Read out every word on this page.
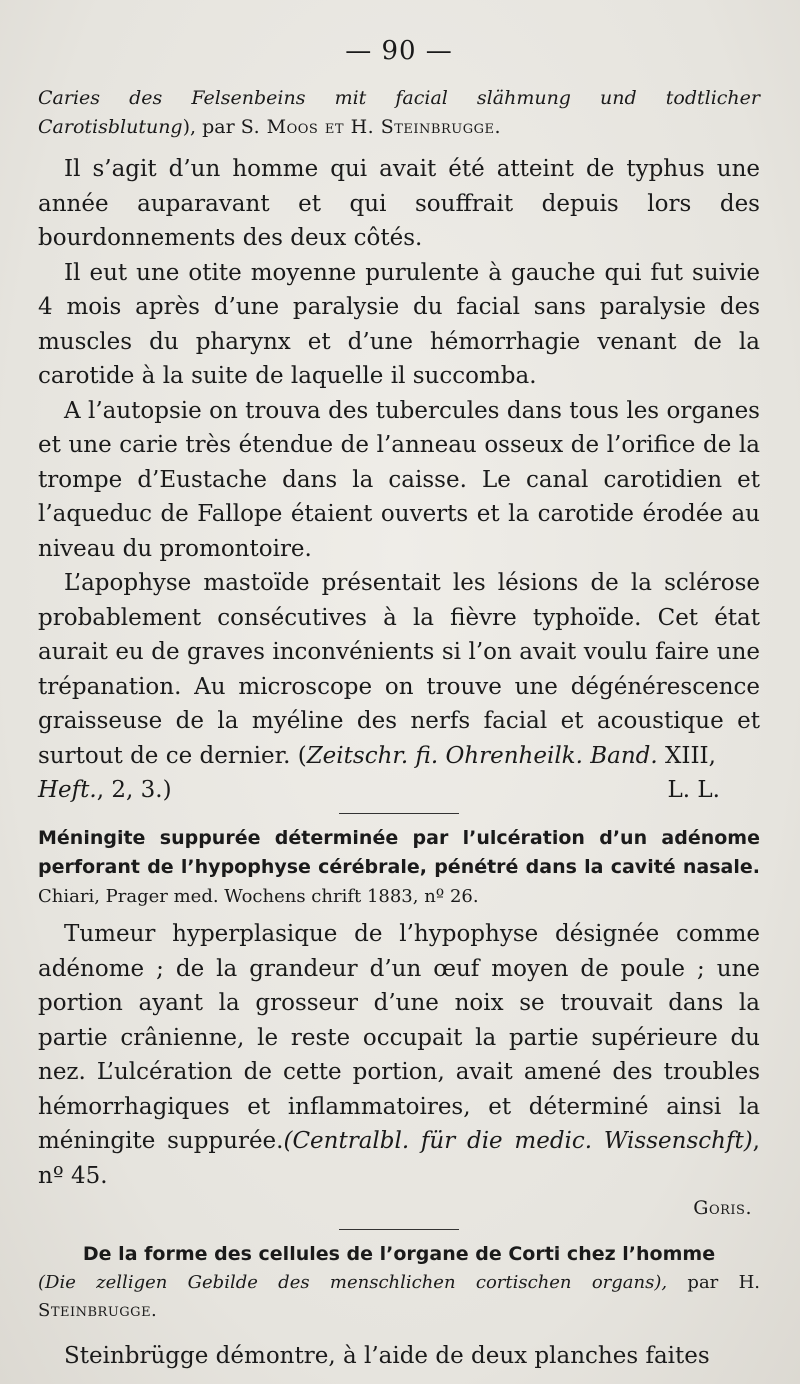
— 90 —
Caries des Felsenbeins mit facial slähmung und todtlicher Carotisblutung), par S. Moos et H. Steinbrugge.

Il s’agit d’un homme qui avait été atteint de typhus une année auparavant et qui souffrait depuis lors des bourdonnements des deux côtés.

Il eut une otite moyenne purulente à gauche qui fut suivie 4 mois après d’une paralysie du facial sans paralysie des muscles du pharynx et d’une hémorrhagie venant de la carotide à la suite de laquelle il succomba.

A l’autopsie on trouva des tubercules dans tous les organes et une carie très étendue de l’anneau osseux de l’orifice de la trompe d’Eustache dans la caisse. Le canal carotidien et l’aqueduc de Fallope étaient ouverts et la carotide érodée au niveau du promontoire.

L’apophyse mastoïde présentait les lésions de la sclérose probablement consécutives à la fièvre typhoïde. Cet état aurait eu de graves inconvénients si l’on avait voulu faire une trépanation. Au microscope on trouve une dégénérescence graisseuse de la myéline des nerfs facial et acoustique et surtout de ce dernier. (Zeitschr. fi. Ohrenheilk. Band. XIII,

Heft., 2, 3.)	L. L.
Méningite suppurée déterminée par l’ulcération d’un adénome perforant de l’hypophyse cérébrale, pénétré dans la cavité nasale. Chiari, Prager med. Wochens chrift 1883, nº 26.

Tumeur hyperplasique de l’hypophyse désignée comme adénome ; de la grandeur d’un œuf moyen de poule ; une portion ayant la grosseur d’une noix se trouvait dans la partie crânienne, le reste occupait la partie supérieure du nez. L’ulcération de cette portion, avait amené des troubles hémorrhagiques et inflammatoires, et déterminé ainsi la méningite suppurée.(Centralbl. für die medic. Wissenschft), nº 45.

Goris.

De la forme des cellules de l’organe de Corti chez l’homme
(Die zelligen Gebilde des menschlichen cortischen organs), par H. Steinbrugge.

Steinbrügge démontre, à l’aide de deux planches faites
